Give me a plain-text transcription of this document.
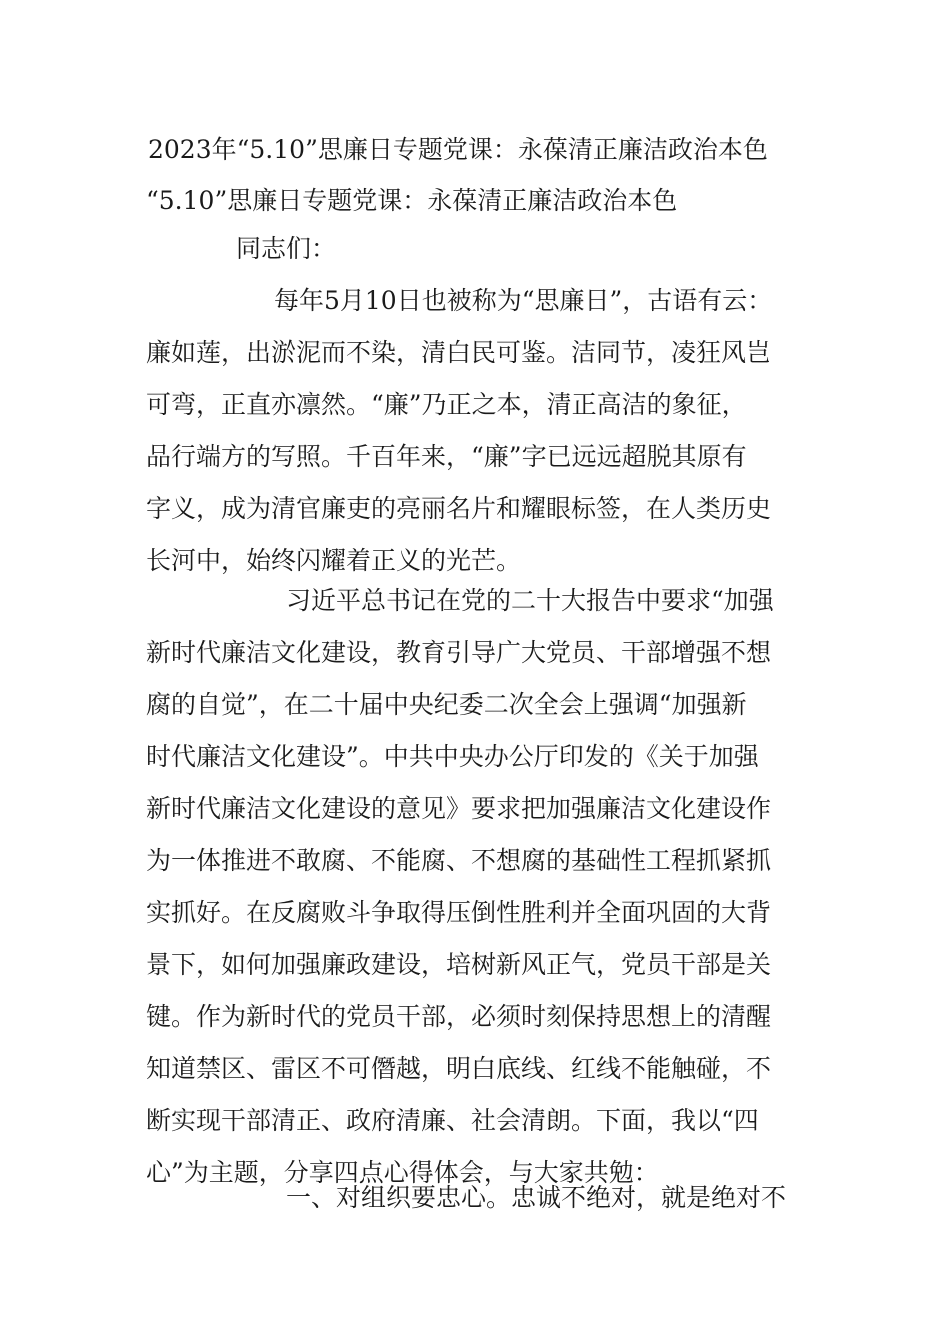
2023年“5.10”思廉日专题党课：永葆清正廉洁政治本色
“5.10”思廉日专题党课：永葆清正廉洁政治本色
同志们：
每年5月10日也被称为“思廉日”，古语有云：
廉如莲，出淤泥而不染，清白民可鉴。洁同节，凌狂风岂
可弯，正直亦凛然。“廉”乃正之本，清正高洁的象征，
品行端方的写照。千百年来，“廉”字已远远超脱其原有
字义，成为清官廉吏的亮丽名片和耀眼标签，在人类历史
长河中，始终闪耀着正义的光芒。
习近平总书记在党的二十大报告中要求“加强
新时代廉洁文化建设，教育引导广大党员、干部增强不想
腐的自觉”，在二十届中央纪委二次全会上强调“加强新
时代廉洁文化建设”。中共中央办公厅印发的《关于加强
新时代廉洁文化建设的意见》要求把加强廉洁文化建设作
为一体推进不敢腐、不能腐、不想腐的基础性工程抓紧抓
实抓好。在反腐败斗争取得压倒性胜利并全面巩固的大背
景下，如何加强廉政建设，培树新风正气，党员干部是关
键。作为新时代的党员干部，必须时刻保持思想上的清醒
知道禁区、雷区不可僭越，明白底线、红线不能触碰，不
断实现干部清正、政府清廉、社会清朗。下面，我以“四
心”为主题，分享四点心得体会，与大家共勉：
一、对组织要忠心。忠诚不绝对，就是绝对不
